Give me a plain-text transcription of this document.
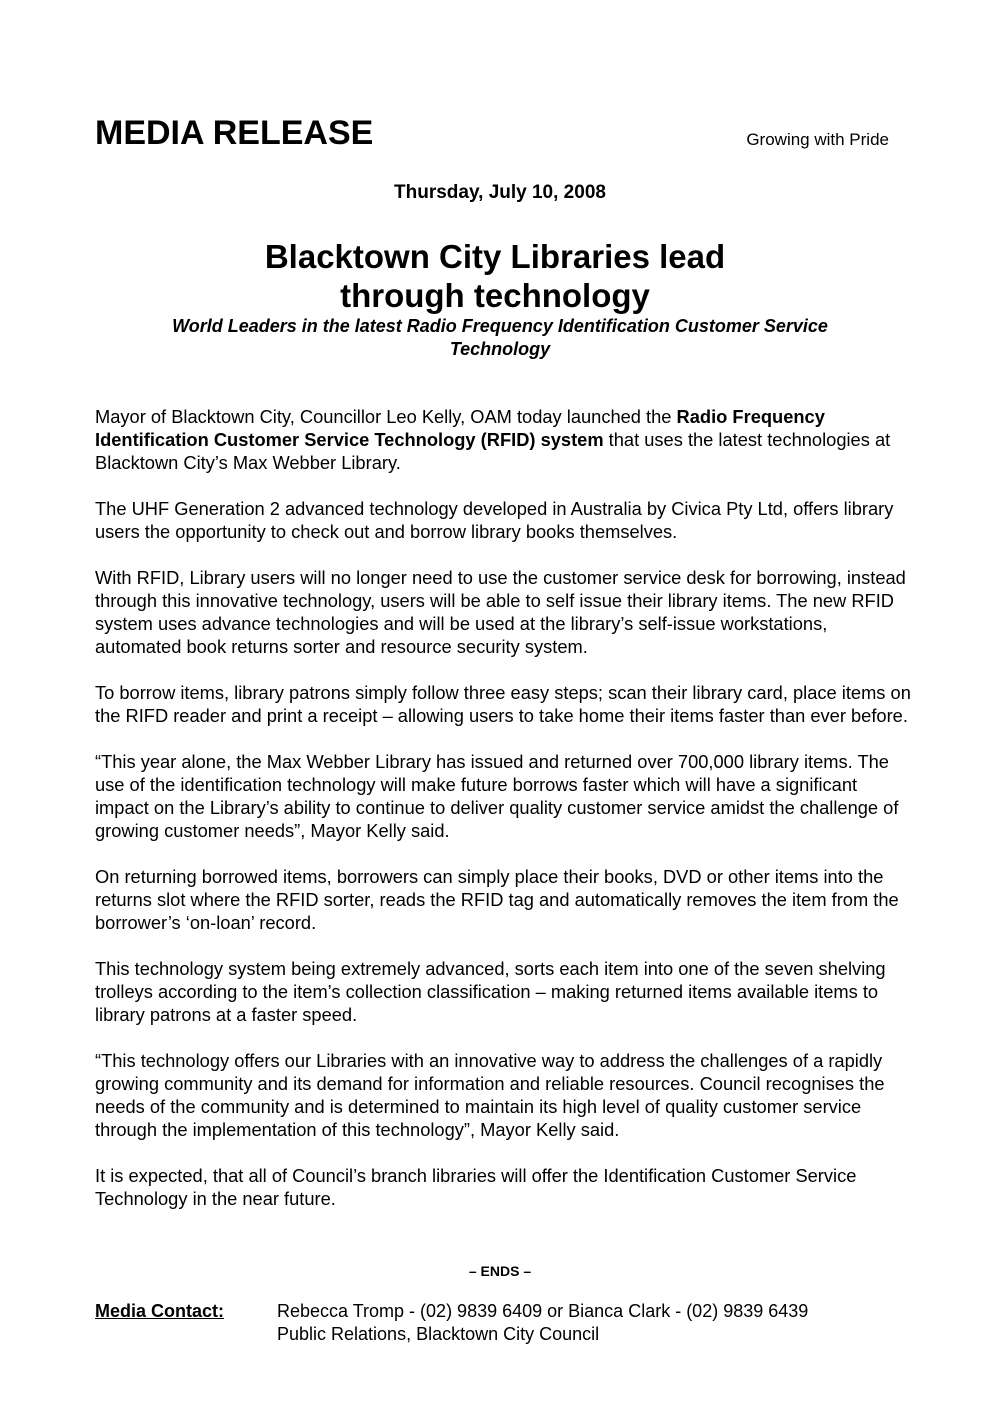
MEDIA RELEASE	Growing with Pride
Thursday, July 10, 2008
Blacktown City Libraries lead
through technology
World Leaders in the latest Radio Frequency Identification Customer Service Technology

Mayor of Blacktown City, Councillor Leo Kelly, OAM today launched the Radio Frequency Identification Customer Service Technology (RFID) system that uses the latest technologies at Blacktown City’s Max Webber Library.

The UHF Generation 2 advanced technology developed in Australia by Civica Pty Ltd, offers library users the opportunity to check out and borrow library books themselves.

With RFID, Library users will no longer need to use the customer service desk for borrowing, instead through this innovative technology, users will be able to self issue their library items. The new RFID system uses advance technologies and will be used at the library’s self-issue workstations, automated book returns sorter and resource security system.

To borrow items, library patrons simply follow three easy steps; scan their library card, place items on the RIFD reader and print a receipt – allowing users to take home their items faster than ever before.

“This year alone, the Max Webber Library has issued and returned over 700,000 library items. The use of the identification technology will make future borrows faster which will have a significant impact on the Library’s ability to continue to deliver quality customer service amidst the challenge of growing customer needs”, Mayor Kelly said.

On returning borrowed items, borrowers can simply place their books, DVD or other items into the returns slot where the RFID sorter, reads the RFID tag and automatically removes the item from the borrower’s ‘on-loan’ record.

This technology system being extremely advanced, sorts each item into one of the seven shelving trolleys according to the item’s collection classification – making returned items available items to library patrons at a faster speed.

“This technology offers our Libraries with an innovative way to address the challenges of a rapidly growing community and its demand for information and reliable resources. Council recognises the needs of the community and is determined to maintain its high level of quality customer service through the implementation of this technology”, Mayor Kelly said.

It is expected, that all of Council’s branch libraries will offer the Identification Customer Service Technology in the near future.

– ENDS –
Media Contact:	Rebecca Tromp - (02) 9839 6409 or Bianca Clark - (02) 9839 6439
Public Relations, Blacktown City Council
